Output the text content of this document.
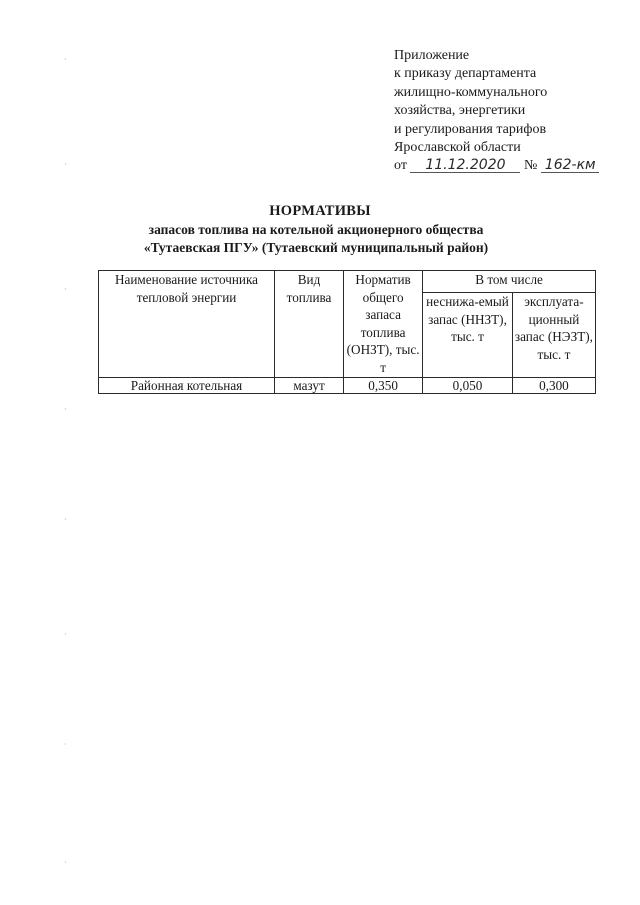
Приложение
к приказу департамента
жилищно-коммунального
хозяйства, энергетики
и регулирования тарифов
Ярославской области
от 11.12.2020 № 162-км
НОРМАТИВЫ
запасов топлива на котельной акционерного общества
«Тутаевская ПГУ» (Тутаевский муниципальный район)
Наименование источника тепловой энергии	Вид топлива	Норматив общего запаса топлива (ОНЗТ), тыс. т	В том числе	
			неснижа-емый запас (ННЗТ), тыс. т	эксплуата-ционный запас (НЭЗТ), тыс. т
Районная котельная	мазут	0,350	0,050	0,300
·
·
·
·
·
·
·
·
